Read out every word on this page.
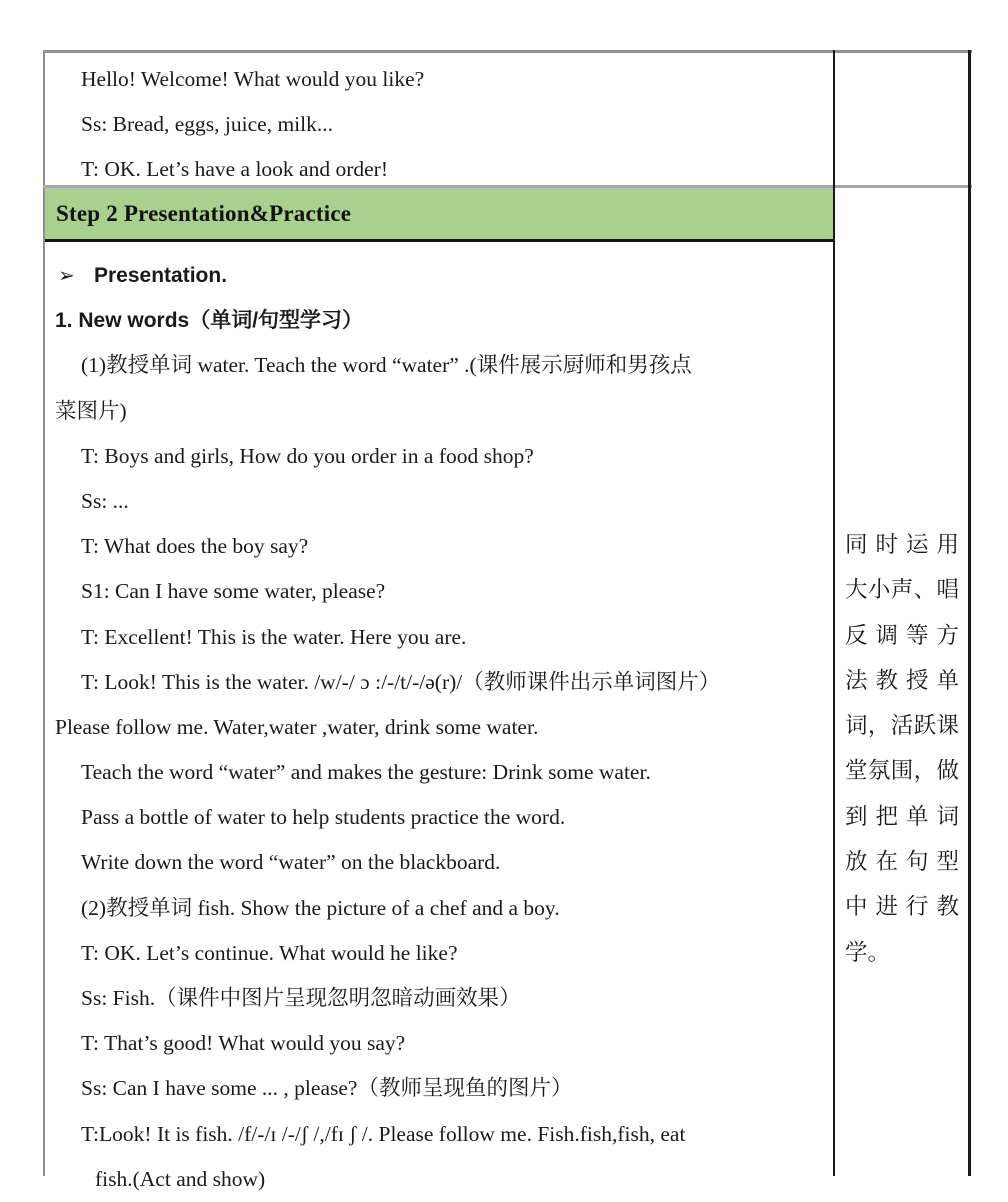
Hello! Welcome! What would you like?
Ss: Bread, eggs, juice, milk...
T: OK. Let’s have a look and order!
Step 2 Presentation&Practice
➢ Presentation.
1. New words（单词/句型学习）
(1)教授单词 water. Teach the word “water” .(课件展示厨师和男孩点
菜图片)
T: Boys and girls, How do you order in a food shop?
Ss: ...
T: What does the boy say?
S1: Can I have some water, please?
T: Excellent! This is the water. Here you are.
T: Look! This is the water. /w/-/ ɔ :/-/t/-/ə(r)/（教师课件出示单词图片）
Please follow me. Water,water ,water, drink some water.
Teach the word “water” and makes the gesture: Drink some water.
Pass a bottle of water to help students practice the word.
Write down the word “water” on the blackboard.
(2)教授单词 fish. Show the picture of a chef and a boy.
T: OK. Let’s continue. What would he like?
Ss: Fish.（课件中图片呈现忽明忽暗动画效果）
T: That’s good! What would you say?
Ss: Can I have some ... , please?（教师呈现鱼的图片）
T:Look! It is fish. /f/-/ɪ /-/ʃ /,/fɪ ʃ /. Please follow me. Fish.fish,fish, eat
fish.(Act and show)
同时运用
大小声、唱
反调等方
法教授单
词，活跃课
堂氛围，做
到把单词
放在句型
中进行教
学。
